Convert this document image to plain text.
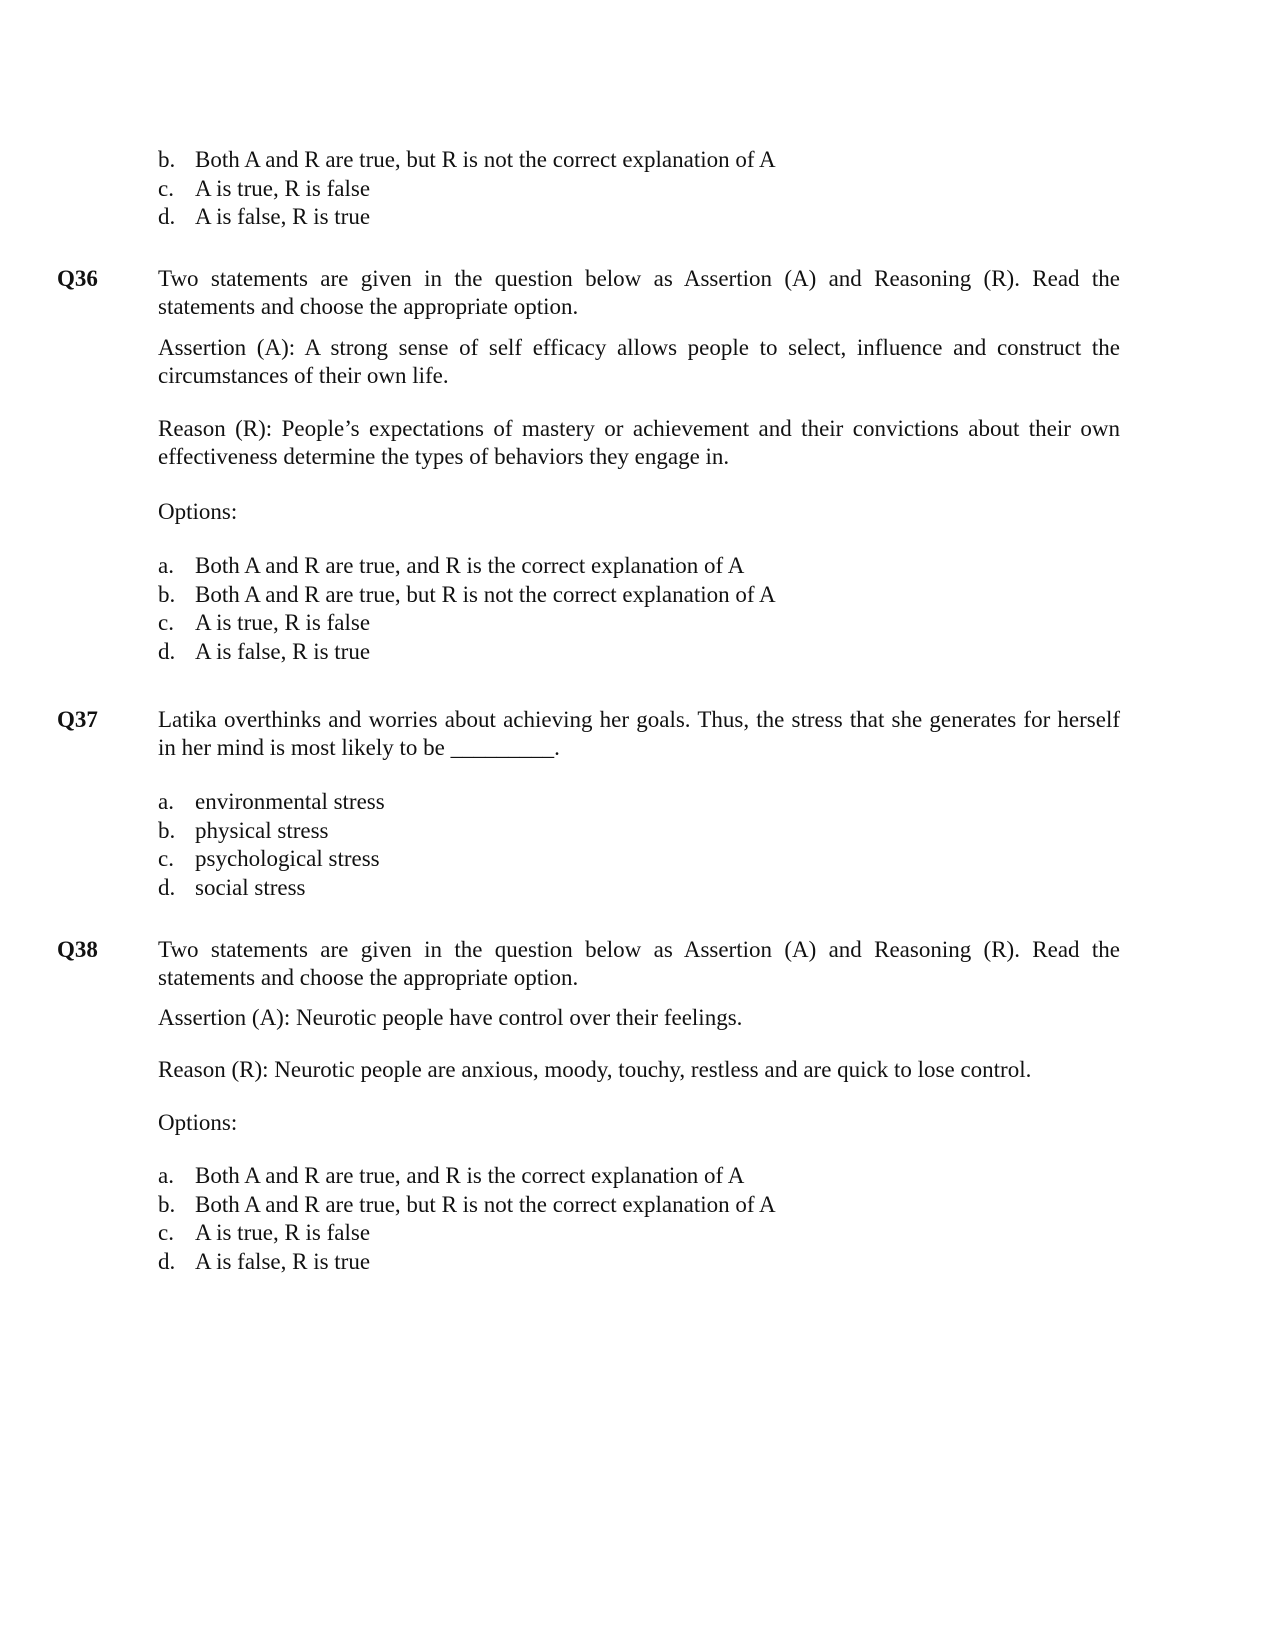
b. Both A and R are true, but R is not the correct explanation of A
c. A is true, R is false
d. A is false, R is true
Q36	Two statements are given in the question below as Assertion (A) and Reasoning (R). Read the statements and choose the appropriate option.
Assertion (A): A strong sense of self efficacy allows people to select, influence and construct the circumstances of their own life.
Reason (R): People’s expectations of mastery or achievement and their convictions about their own effectiveness determine the types of behaviors they engage in.
Options:
a. Both A and R are true, and R is the correct explanation of A
b. Both A and R are true, but R is not the correct explanation of A
c. A is true, R is false
d. A is false, R is true
Q37	Latika overthinks and worries about achieving her goals. Thus, the stress that she generates for herself in her mind is most likely to be _________.
a. environmental stress
b. physical stress
c. psychological stress
d. social stress
Q38	Two statements are given in the question below as Assertion (A) and Reasoning (R). Read the statements and choose the appropriate option.
Assertion (A): Neurotic people have control over their feelings.
Reason (R): Neurotic people are anxious, moody, touchy, restless and are quick to lose control.
Options:
a. Both A and R are true, and R is the correct explanation of A
b. Both A and R are true, but R is not the correct explanation of A
c. A is true, R is false
d. A is false, R is true
